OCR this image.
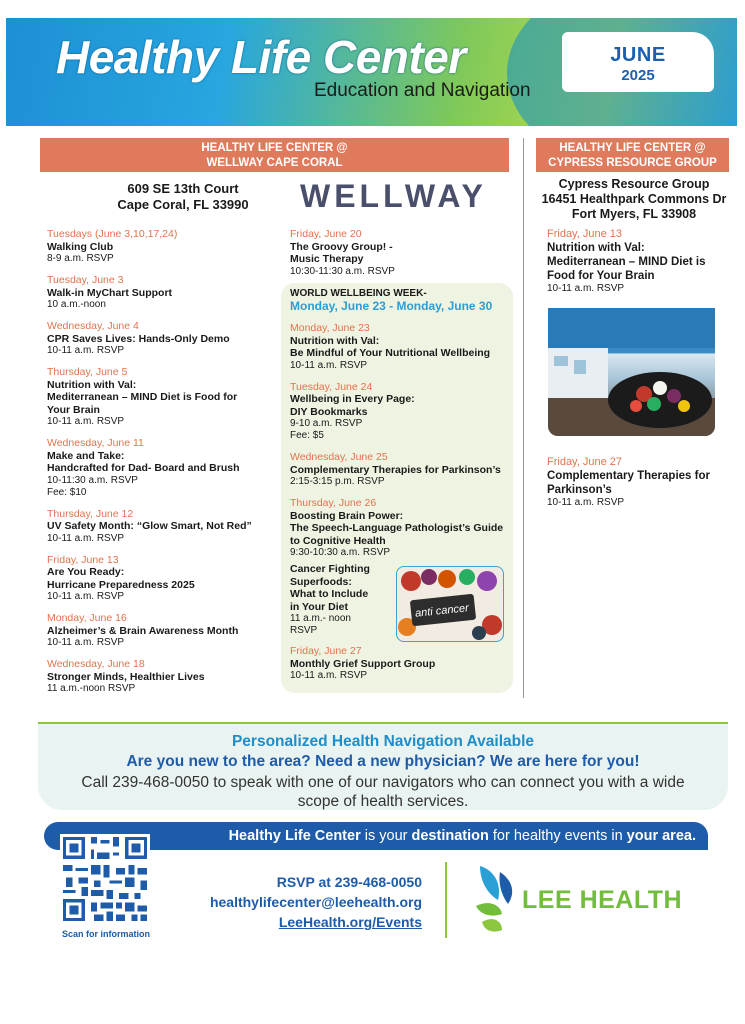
Healthy Life Center
Education and Navigation
JUNE
2025
HEALTHY LIFE CENTER @
WELLWAY CAPE CORAL
609 SE 13th Court
Cape Coral, FL 33990 WELLWAY
Tuesdays (June 3,10,17,24)
Walking Club
8-9 a.m. RSVP
Tuesday, June 3
Walk-in MyChart Support
10 a.m.-noon
Wednesday, June 4
CPR Saves Lives: Hands-Only Demo
10-11 a.m. RSVP
Thursday, June 5
Nutrition with Val:
Mediterranean – MIND Diet is Food for
Your Brain
10-11 a.m. RSVP
Wednesday, June 11
Make and Take:
Handcrafted for Dad- Board and Brush
10-11:30 a.m. RSVP
Fee: $10
Thursday, June 12
UV Safety Month: “Glow Smart, Not Red”
10-11 a.m. RSVP
Friday, June 13
Are You Ready:
Hurricane Preparedness 2025
10-11 a.m. RSVP
Monday, June 16
Alzheimer’s & Brain Awareness Month
10-11 a.m. RSVP
Wednesday, June 18
Stronger Minds, Healthier Lives
11 a.m.-noon RSVP
Friday, June 20
The Groovy Group! -
Music Therapy
10:30-11:30 a.m. RSVP
WORLD WELLBEING WEEK-
Monday, June 23 - Monday, June 30
Monday, June 23
Nutrition with Val:
Be Mindful of Your Nutritional Wellbeing
10-11 a.m. RSVP
Tuesday, June 24
Wellbeing in Every Page:
DIY Bookmarks
9-10 a.m. RSVP
Fee: $5
Wednesday, June 25
Complementary Therapies for Parkinson’s
2:15-3:15 p.m. RSVP
Thursday, June 26
Boosting Brain Power:
The Speech-Language Pathologist’s Guide
to Cognitive Health
9:30-10:30 a.m. RSVP
Cancer Fighting
Superfoods:
What to Include
in Your Diet
11 a.m.- noon
RSVP
anti cancer
Friday, June 27
Monthly Grief Support Group
10-11 a.m. RSVP
HEALTHY LIFE CENTER @
CYPRESS RESOURCE GROUP
Cypress Resource Group
16451 Healthpark Commons Dr
Fort Myers, FL 33908
Friday, June 13
Nutrition with Val:
Mediterranean – MIND Diet is
Food for Your Brain
10-11 a.m. RSVP
Friday, June 27
Complementary Therapies for
Parkinson’s
10-11 a.m. RSVP
Personalized Health Navigation Available
Are you new to the area? Need a new physician? We are here for you!
Call 239-468-0050 to speak with one of our navigators who can connect you with a wide scope of health services.
Healthy Life Center is your destination for healthy events in your area.
Scan for information
RSVP at 239-468-0050
healthylifecenter@leehealth.org
LeeHealth.org/Events
LEE HEALTH
